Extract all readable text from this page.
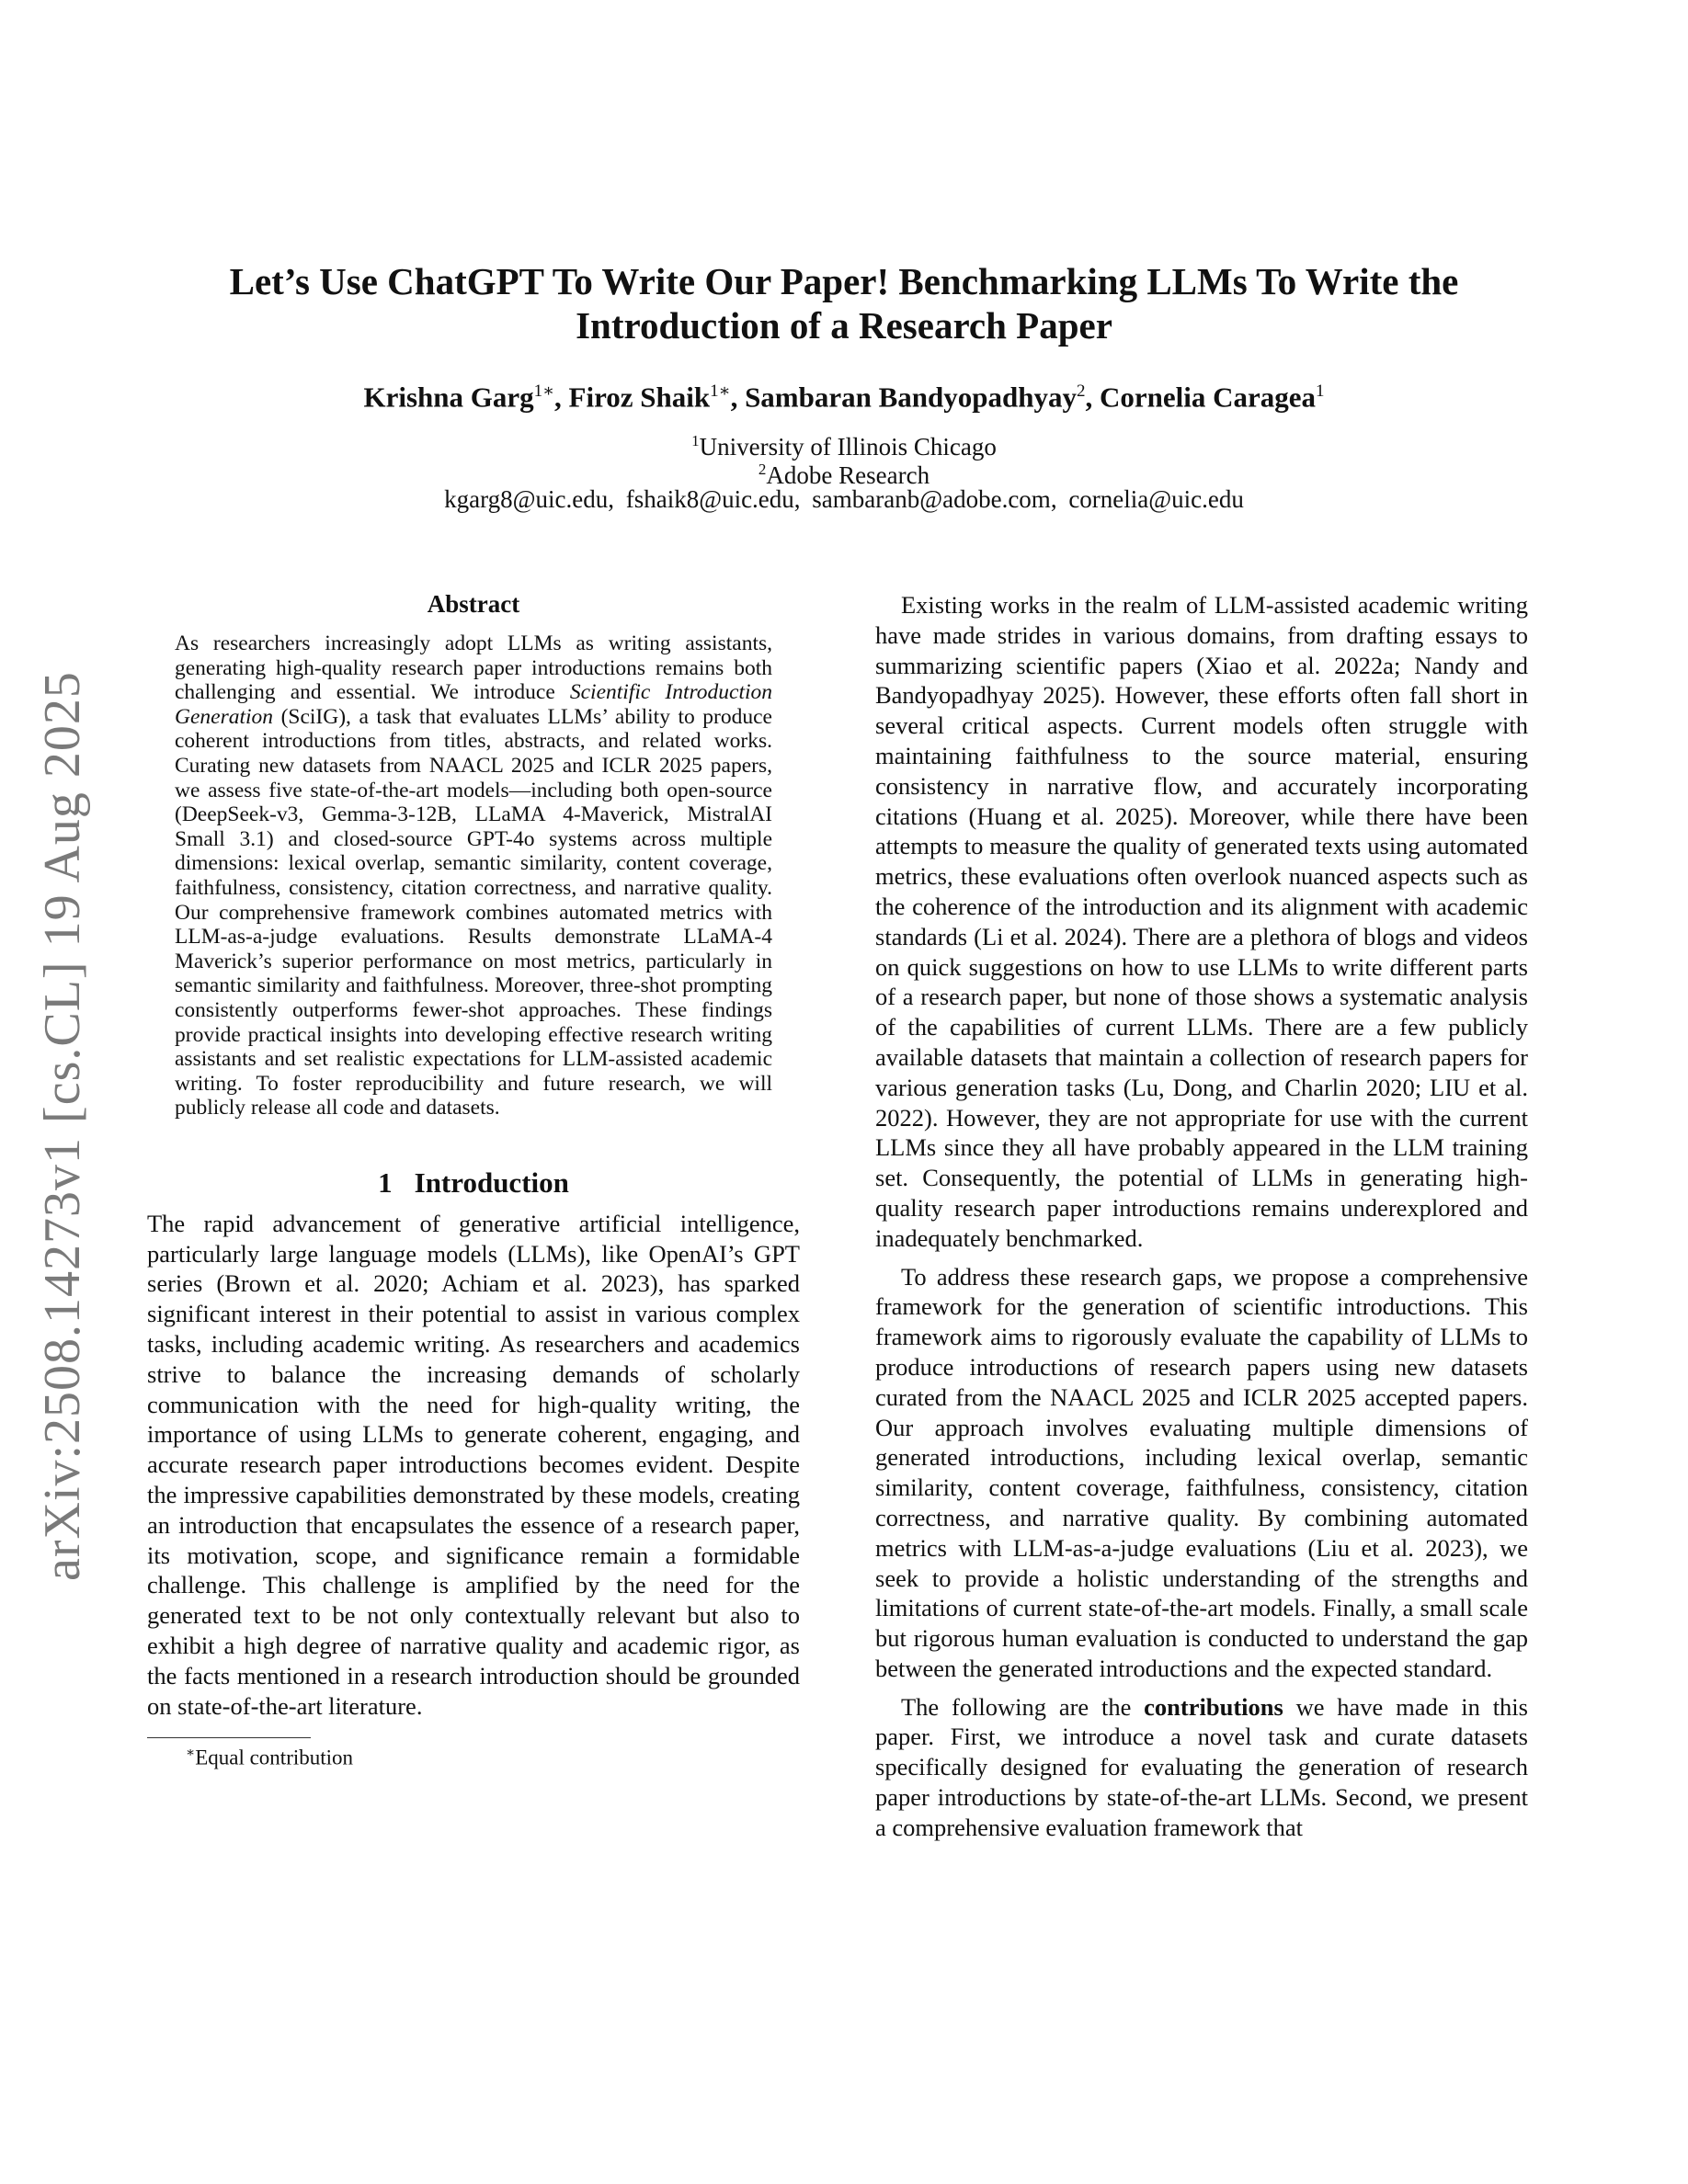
arXiv:2508.14273v1 [cs.CL] 19 Aug 2025
Let’s Use ChatGPT To Write Our Paper! Benchmarking LLMs To Write the
Introduction of a Research Paper
Krishna Garg$^{1∗}$, Firoz Shaik$^{1∗}$, Sambaran Bandyopadhyay$^2$, Cornelia Caragea$^1$
$^1$University of Illinois Chicago
$^2$Adobe Research
kgarg8@uic.edu, fshaik8@uic.edu, sambaranb@adobe.com, cornelia@uic.edu
Abstract

As researchers increasingly adopt LLMs as writing assistants, generating high-quality research paper introductions remains both challenging and essential. We introduce Scientific Introduction Generation (SciIG), a task that evaluates LLMs’ ability to produce coherent introductions from titles, abstracts, and related works. Curating new datasets from NAACL 2025 and ICLR 2025 papers, we assess five state-of-the-art models—including both open-source (DeepSeek-v3, Gemma-3-12B, LLaMA 4-Maverick, MistralAI Small 3.1) and closed-source GPT-4o systems across multiple dimensions: lexical overlap, semantic similarity, content coverage, faithfulness, consistency, citation correctness, and narrative quality. Our comprehensive framework combines automated metrics with LLM-as-a-judge evaluations. Results demonstrate LLaMA-4 Maverick’s superior performance on most metrics, particularly in semantic similarity and faithfulness. Moreover, three-shot prompting consistently outperforms fewer-shot approaches. These findings provide practical insights into developing effective research writing assistants and set realistic expectations for LLM-assisted academic writing. To foster reproducibility and future research, we will publicly release all code and datasets.

1 Introduction

The rapid advancement of generative artificial intelligence, particularly large language models (LLMs), like OpenAI’s GPT series (Brown et al. 2020; Achiam et al. 2023), has sparked significant interest in their potential to assist in various complex tasks, including academic writing. As researchers and academics strive to balance the increasing demands of scholarly communication with the need for high-quality writing, the importance of using LLMs to generate coherent, engaging, and accurate research paper introductions becomes evident. Despite the impressive capabilities demonstrated by these models, creating an introduction that encapsulates the essence of a research paper, its motivation, scope, and significance remain a formidable challenge. This challenge is amplified by the need for the generated text to be not only contextually relevant but also to exhibit a high degree of narrative quality and academic rigor, as the facts mentioned in a research introduction should be grounded on state-of-the-art literature.

∗Equal contribution

Existing works in the realm of LLM-assisted academic writing have made strides in various domains, from drafting essays to summarizing scientific papers (Xiao et al. 2022a; Nandy and Bandyopadhyay 2025). However, these efforts often fall short in several critical aspects. Current models often struggle with maintaining faithfulness to the source material, ensuring consistency in narrative flow, and accurately incorporating citations (Huang et al. 2025). Moreover, while there have been attempts to measure the quality of generated texts using automated metrics, these evaluations often overlook nuanced aspects such as the coherence of the introduction and its alignment with academic standards (Li et al. 2024). There are a plethora of blogs and videos on quick suggestions on how to use LLMs to write different parts of a research paper, but none of those shows a systematic analysis of the capabilities of current LLMs. There are a few publicly available datasets that maintain a collection of research papers for various generation tasks (Lu, Dong, and Charlin 2020; LIU et al. 2022). However, they are not appropriate for use with the current LLMs since they all have probably appeared in the LLM training set. Consequently, the potential of LLMs in generating high-quality research paper introductions remains underexplored and inadequately benchmarked.

To address these research gaps, we propose a comprehensive framework for the generation of scientific introductions. This framework aims to rigorously evaluate the capability of LLMs to produce introductions of research papers using new datasets curated from the NAACL 2025 and ICLR 2025 accepted papers. Our approach involves evaluating multiple dimensions of generated introductions, including lexical overlap, semantic similarity, content coverage, faithfulness, consistency, citation correctness, and narrative quality. By combining automated metrics with LLM-as-a-judge evaluations (Liu et al. 2023), we seek to provide a holistic understanding of the strengths and limitations of current state-of-the-art models. Finally, a small scale but rigorous human evaluation is conducted to understand the gap between the generated introductions and the expected standard.

The following are the contributions we have made in this paper. First, we introduce a novel task and curate datasets specifically designed for evaluating the generation of research paper introductions by state-of-the-art LLMs. Second, we present a comprehensive evaluation framework that
